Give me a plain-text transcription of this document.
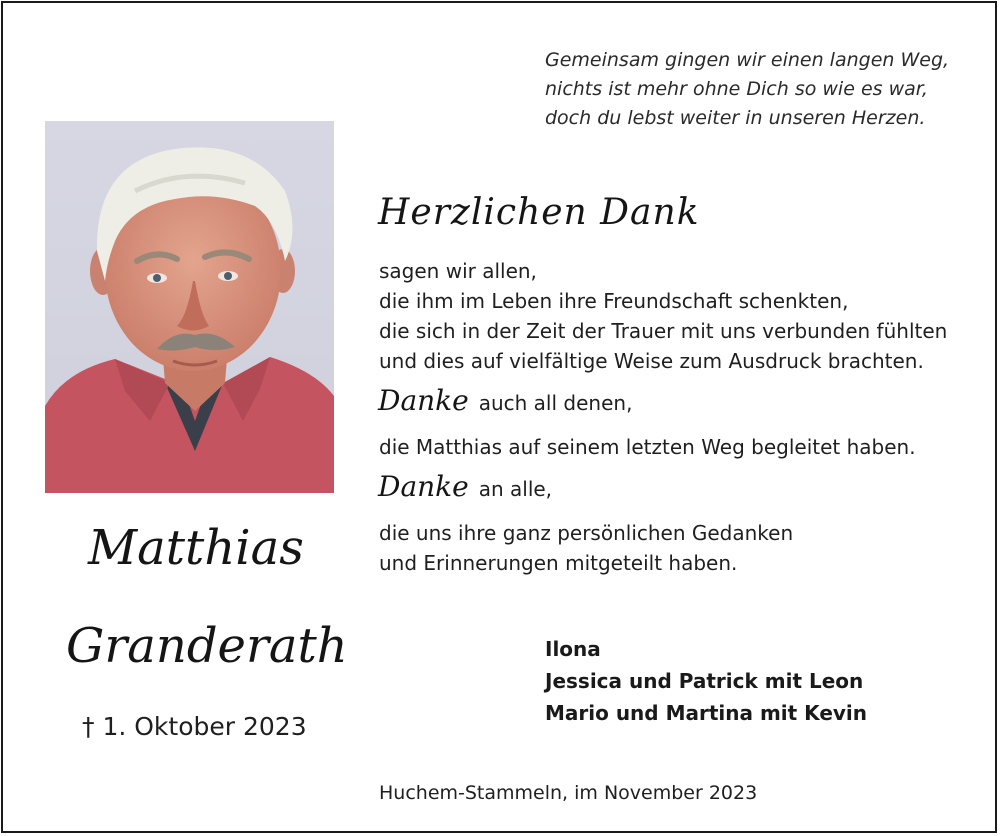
Gemeinsam gingen wir einen langen Weg,
nichts ist mehr ohne Dich so wie es war,
doch du lebst weiter in unseren Herzen.
Herzlichen Dank
sagen wir allen,
die ihm im Leben ihre Freundschaft schenkten,
die sich in der Zeit der Trauer mit uns verbunden fühlten
und dies auf vielfältige Weise zum Ausdruck brachten.
Danke auch all denen,
die Matthias auf seinem letzten Weg begleitet haben.
Danke an alle,
die uns ihre ganz persönlichen Gedanken
und Erinnerungen mitgeteilt haben.
Matthias
Granderath
† 1. Oktober 2023
Ilona
Jessica und Patrick mit Leon
Mario und Martina mit Kevin
Huchem-Stammeln, im November 2023
